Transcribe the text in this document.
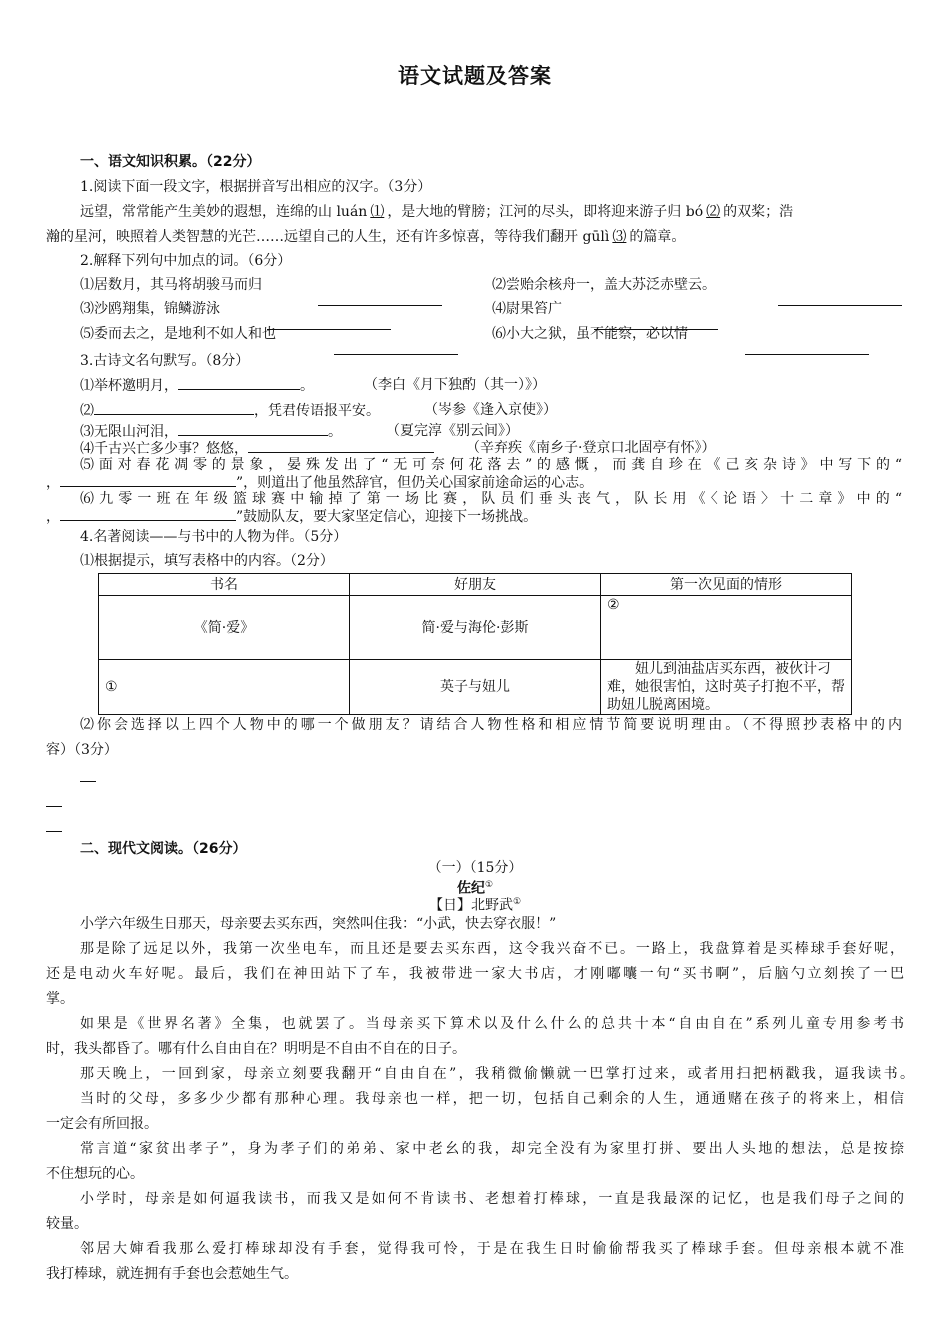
语文试题及答案
一、语文知识积累。（22分）
1.阅读下面一段文字，根据拼音写出相应的汉字。（3分）
远望，常常能产生美妙的遐想，连绵的山 luán ⑴ ，是大地的臂膀；江河的尽头，即将迎来游子归 bó ⑵ 的双桨；浩
瀚的星河，映照着人类智慧的光芒……远望自己的人生，还有许多惊喜，等待我们翻开 gūlì ⑶ 的篇章。
2.解释下列句中加点的词。（6分）
⑴居数月，其马将胡骏马而归	⑵尝贻余核舟一，盖大苏泛赤壁云。
⑶沙鸥翔集，锦鳞游泳	⑷尉果笞广
⑸委而去之，是地利不如人和也	⑹小大之狱，虽不能察，必以情
3.古诗文名句默写。（8分）
⑴举杯邀明月，	。	（李白《月下独酌（其一）》）
⑵	，凭君传语报平安。	（岑参《逢入京使》）
⑶无限山河泪，	。	（夏完淳《别云间》）
⑷千古兴亡多少事？悠悠，	（辛弃疾《南乡子·登京口北固亭有怀》）
⑸面对春花凋零的景象，晏殊发出了“无可奈何花落去”的感慨，而龚自珍在《己亥杂诗》中写下的“
，	”，则道出了他虽然辞官，但仍关心国家前途命运的心志。
⑹九零一班在年级篮球赛中输掉了第一场比赛，队员们垂头丧气，队长用《〈论语〉十二章》中的“
，	”鼓励队友，要大家坚定信心，迎接下一场挑战。
4.名著阅读——与书中的人物为伴。（5分）
⑴根据提示，填写表格中的内容。（2分）
书名	好朋友	第一次见面的情形
《简·爱》	简·爱与海伦·彭斯	②
①	英子与妞儿	妞儿到油盐店买东西，被伙计刁难，她很害怕，这时英子打抱不平，帮助妞儿脱离困境。
⑵你会选择以上四个人物中的哪一个做朋友？请结合人物性格和相应情节简要说明理由。（不得照抄表格中的内
容）（3分）
二、现代文阅读。（26分）
（一）（15分）
佐纪①
【日】北野武①
小学六年级生日那天，母亲要去买东西，突然叫住我：“小武，快去穿衣服！”
那是除了远足以外，我第一次坐电车，而且还是要去买东西，这令我兴奋不已。一路上，我盘算着是买棒球手套好呢，
还是电动火车好呢。最后，我们在神田站下了车，我被带进一家大书店，才刚嘟囔一句“买书啊”，后脑勺立刻挨了一巴
掌。
如果是《世界名著》全集，也就罢了。当母亲买下算术以及什么什么的总共十本“自由自在”系列儿童专用参考书
时，我头都昏了。哪有什么自由自在？明明是不自由不自在的日子。
那天晚上，一回到家，母亲立刻要我翻开“自由自在”，我稍微偷懒就一巴掌打过来，或者用扫把柄戳我，逼我读书。
当时的父母，多多少少都有那种心理。我母亲也一样，把一切，包括自己剩余的人生，通通赌在孩子的将来上，相信
一定会有所回报。
常言道“家贫出孝子”，身为孝子们的弟弟、家中老幺的我，却完全没有为家里打拼、要出人头地的想法，总是按捺
不住想玩的心。
小学时，母亲是如何逼我读书，而我又是如何不肯读书、老想着打棒球，一直是我最深的记忆，也是我们母子之间的
较量。
邻居大婶看我那么爱打棒球却没有手套，觉得我可怜，于是在我生日时偷偷帮我买了棒球手套。但母亲根本就不准
我打棒球，就连拥有手套也会惹她生气。
